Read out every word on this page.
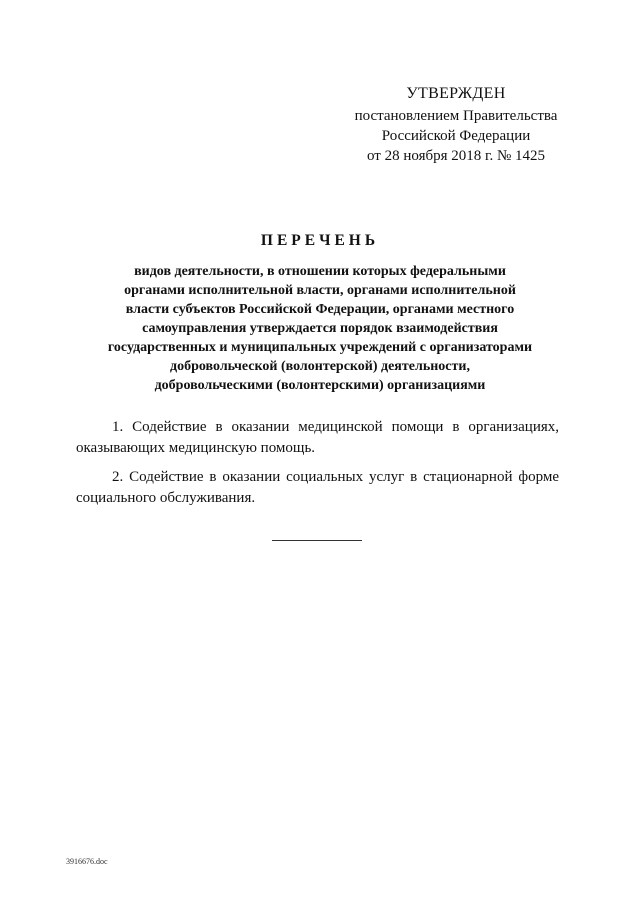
УТВЕРЖДЕН
постановлением Правительства
Российской Федерации
от 28 ноября 2018 г. № 1425
ПЕРЕЧЕНЬ
видов деятельности, в отношении которых федеральными
органами исполнительной власти, органами исполнительной
власти субъектов Российской Федерации, органами местного
самоуправления утверждается порядок взаимодействия
государственных и муниципальных учреждений с организаторами
добровольческой (волонтерской) деятельности,
добровольческими (волонтерскими) организациями
1. Содействие в оказании медицинской помощи в организациях,
оказывающих медицинскую помощь.
2. Содействие в оказании социальных услуг в стационарной форме
социального обслуживания.
3916676.doc
